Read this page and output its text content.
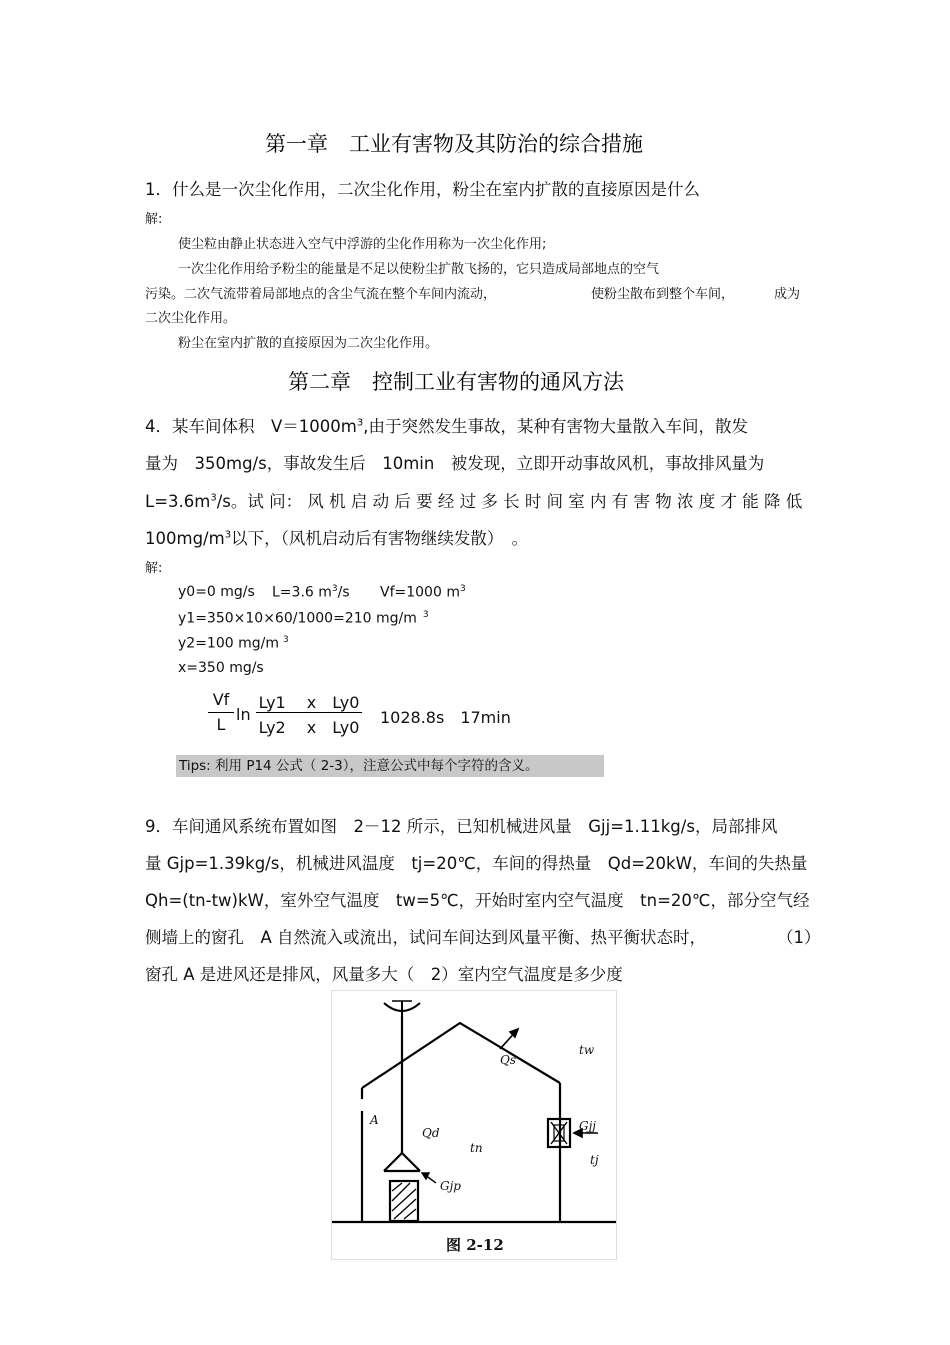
第一章　工业有害物及其防治的综合措施
1．什么是一次尘化作用，二次尘化作用，粉尘在室内扩散的直接原因是什么
解:
使尘粒由静止状态进入空气中浮游的尘化作用称为一次尘化作用;
一次尘化作用给予粉尘的能量是不足以使粉尘扩散飞扬的，它只造成局部地点的空气
污染。二次气流带着局部地点的含尘气流在整个车间内流动，	使粉尘散布到整个车间，	成为
二次尘化作用。
粉尘在室内扩散的直接原因为二次尘化作用。
第二章　控制工业有害物的通风方法
4．某车间体积　$V=1000m^3$,由于突然发生事故，某种有害物大量散入车间，散发
量为　350mg/s，事故发生后　10min　被发现，立即开动事故风机，事故排风量为
$L=3.6m^3/s$。试 问： 风 机 启 动 后 要 经 过 多 长 时 间 室 内 有 害 物 浓 度 才 能 降 低
$100mg/m^3$以下，（风机启动后有害物继续发散）　。
解:
y0=0 mg/s L=3.6 $m^3/s$ Vf=1000 $m^3$
y1=350×10×60/1000=210 mg/m $^3$
y2=100 mg/m $^3$
x=350 mg/s
$\frac{Vf}{L}$ $\ln \frac{\text{Ly1　 x　Ly0}}{\text{Ly2　 x　Ly0}} 1028.8s$　17min
Tips: 利用 P14 公式（ 2-3），注意公式中每个字符的含义。
9．车间通风系统布置如图　2－12 所示，已知机械进风量　Gjj=1.11kg/s，局部排风
量 Gjp=1.39kg/s，机械进风温度　tj=20℃，车间的得热量　Qd=20kW，车间的失热量
Qh=(tn-tw)kW，室外空气温度　tw=5℃，开始时室内空气温度　tn=20℃，部分空气经
侧墙上的窗孔　A 自然流入或流出，试问车间达到风量平衡、热平衡状态时，	（1）
窗孔 A 是进风还是排风，风量多大（　2）室内空气温度是多少度
A
Qs
tw
Qd
tn
Gjj
tj
Gjp
图 2-12
